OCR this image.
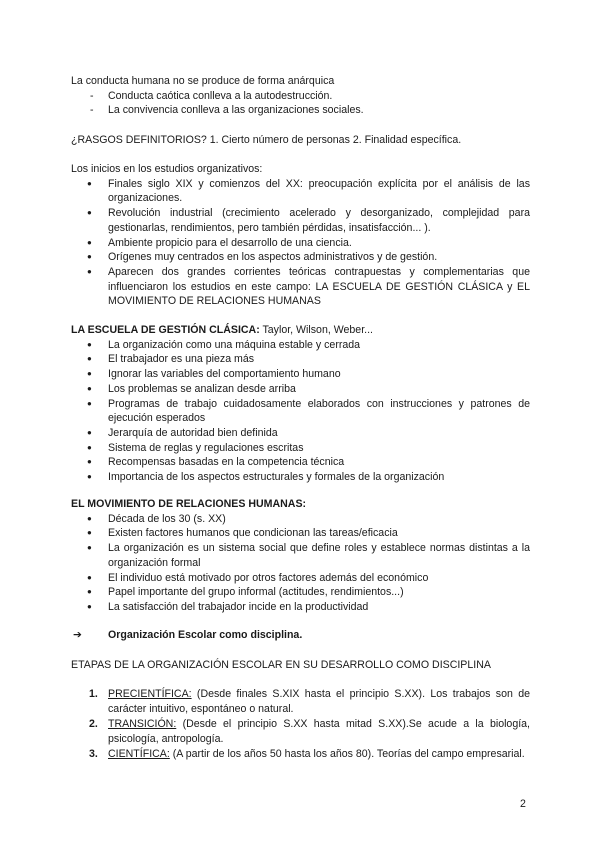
La conducta humana no se produce de forma anárquica

- Conducta caótica conlleva a la autodestrucción.
- La convivencia conlleva a las organizaciones sociales.

¿RASGOS DEFINITORIOS? 1. Cierto número de personas 2. Finalidad específica.

Los inicios en los estudios organizativos:

● Finales siglo XIX y comienzos del XX: preocupación explícita por el análisis de las organizaciones.
● Revolución industrial (crecimiento acelerado y desorganizado, complejidad para gestionarlas, rendimientos, pero también pérdidas, insatisfacción... ).
● Ambiente propicio para el desarrollo de una ciencia.
● Orígenes muy centrados en los aspectos administrativos y de gestión.
● Aparecen dos grandes corrientes teóricas contrapuestas y complementarias que influenciaron los estudios en este campo: LA ESCUELA DE GESTIÓN CLÁSICA y EL MOVIMIENTO DE RELACIONES HUMANAS

LA ESCUELA DE GESTIÓN CLÁSICA: Taylor, Wilson, Weber...

● La organización como una máquina estable y cerrada
● El trabajador es una pieza más
● Ignorar las variables del comportamiento humano
● Los problemas se analizan desde arriba
● Programas de trabajo cuidadosamente elaborados con instrucciones y patrones de ejecución esperados
● Jerarquía de autoridad bien definida
● Sistema de reglas y regulaciones escritas
● Recompensas basadas en la competencia técnica
● Importancia de los aspectos estructurales y formales de la organización

EL MOVIMIENTO DE RELACIONES HUMANAS:

● Década de los 30 (s. XX)
● Existen factores humanos que condicionan las tareas/eficacia
● La organización es un sistema social que define roles y establece normas distintas a la organización formal
● El individuo está motivado por otros factores además del económico
● Papel importante del grupo informal (actitudes, rendimientos...)
● La satisfacción del trabajador incide en la productividad

➔ Organización Escolar como disciplina.

ETAPAS DE LA ORGANIZACIÓN ESCOLAR EN SU DESARROLLO COMO DISCIPLINA

1. PRECIENTÍFICA: (Desde finales S.XIX hasta el principio S.XX). Los trabajos son de carácter intuitivo, espontáneo o natural.
2. TRANSICIÓN: (Desde el principio S.XX hasta mitad S.XX).Se acude a la biología, psicología, antropología.
3. CIENTÍFICA: (A partir de los años 50 hasta los años 80). Teorías del campo empresarial.
2
